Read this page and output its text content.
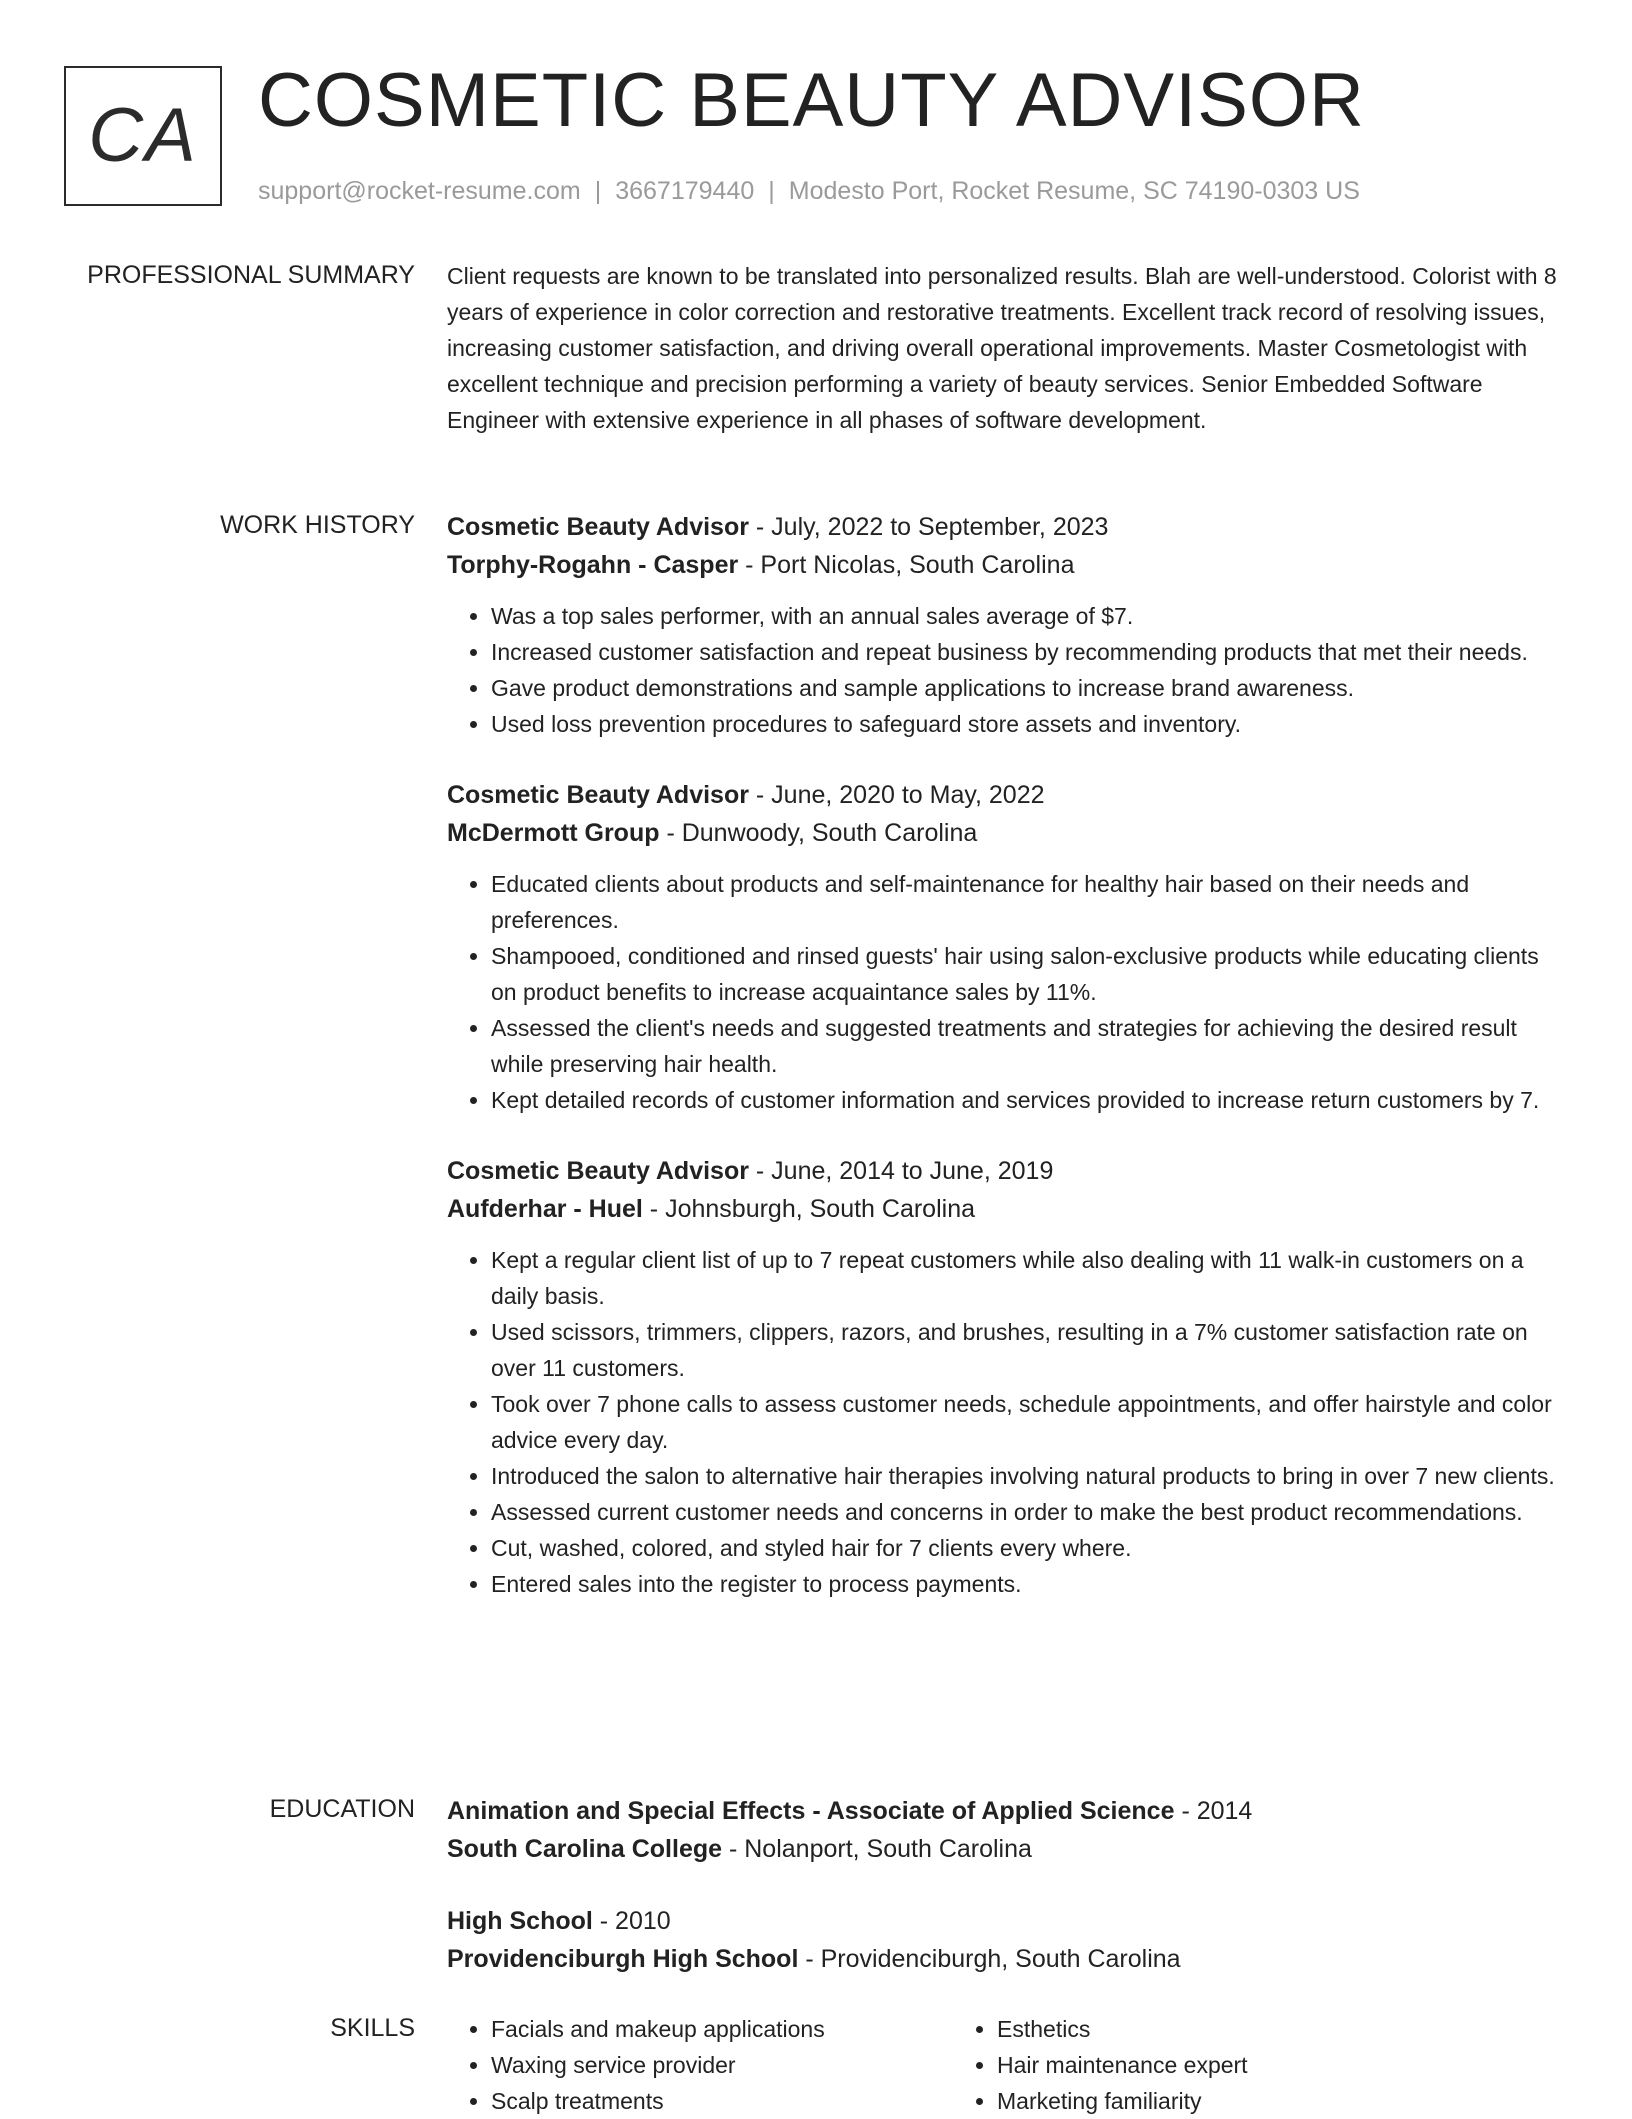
CA COSMETIC BEAUTY ADVISOR
support@rocket-resume.com | 3667179440 | Modesto Port, Rocket Resume, SC 74190-0303 US
PROFESSIONAL SUMMARY Client requests are known to be translated into personalized results. Blah are well-understood. Colorist with 8 years of experience in color correction and restorative treatments. Excellent track record of resolving issues, increasing customer satisfaction, and driving overall operational improvements. Master Cosmetologist with excellent technique and precision performing a variety of beauty services. Senior Embedded Software Engineer with extensive experience in all phases of software development.

WORK HISTORY Cosmetic Beauty Advisor - July, 2022 to September, 2023

Torphy-Rogahn - Casper - Port Nicolas, South Carolina

• Was a top sales performer, with an annual sales average of $7.
• Increased customer satisfaction and repeat business by recommending products that met their needs.
• Gave product demonstrations and sample applications to increase brand awareness.
• Used loss prevention procedures to safeguard store assets and inventory.

Cosmetic Beauty Advisor - June, 2020 to May, 2022

McDermott Group - Dunwoody, South Carolina

• Educated clients about products and self-maintenance for healthy hair based on their needs and preferences.
• Shampooed, conditioned and rinsed guests' hair using salon-exclusive products while educating clients on product benefits to increase acquaintance sales by 11%.
• Assessed the client's needs and suggested treatments and strategies for achieving the desired result while preserving hair health.
• Kept detailed records of customer information and services provided to increase return customers by 7.

Cosmetic Beauty Advisor - June, 2014 to June, 2019

Aufderhar - Huel - Johnsburgh, South Carolina

• Kept a regular client list of up to 7 repeat customers while also dealing with 11 walk-in customers on a daily basis.
• Used scissors, trimmers, clippers, razors, and brushes, resulting in a 7% customer satisfaction rate on over 11 customers.
• Took over 7 phone calls to assess customer needs, schedule appointments, and offer hairstyle and color advice every day.
• Introduced the salon to alternative hair therapies involving natural products to bring in over 7 new clients.
• Assessed current customer needs and concerns in order to make the best product recommendations.
• Cut, washed, colored, and styled hair for 7 clients every where.
• Entered sales into the register to process payments.
EDUCATION Animation and Special Effects - Associate of Applied Science - 2014

South Carolina College - Nolanport, South Carolina

High School - 2010

Providenciburgh High School - Providenciburgh, South Carolina

SKILLS
•	Facials and makeup applications
• Waxing service provider
• Scalp treatments
• Esthetics
• Hair maintenance expert
• Marketing familiarity
